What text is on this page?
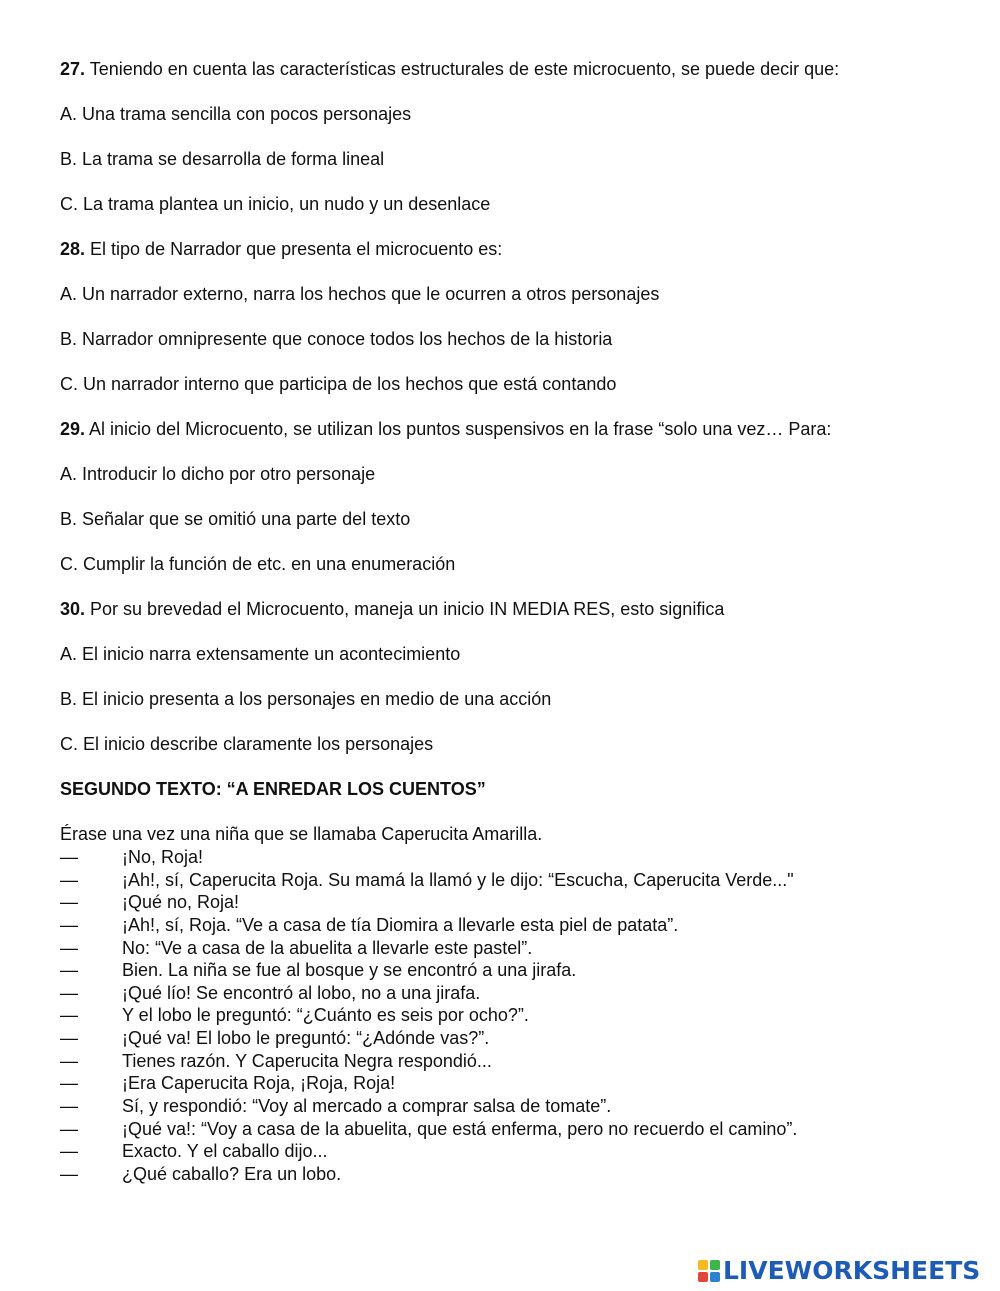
27. Teniendo en cuenta las características estructurales de este microcuento, se puede decir que:
A. Una trama sencilla con pocos personajes
B. La trama se desarrolla de forma lineal
C. La trama plantea un inicio, un nudo y un desenlace
28. El tipo de Narrador que presenta el microcuento es:
A. Un narrador externo, narra los hechos que le ocurren a otros personajes
B. Narrador omnipresente que conoce todos los hechos de la historia
C. Un narrador interno que participa de los hechos que está contando
29. Al inicio del Microcuento, se utilizan los puntos suspensivos en la frase “solo una vez… Para:
A. Introducir lo dicho por otro personaje
B. Señalar que se omitió una parte del texto
C. Cumplir la función de etc. en una enumeración
30. Por su brevedad el Microcuento, maneja un inicio IN MEDIA RES, esto significa
A. El inicio narra extensamente un acontecimiento
B. El inicio presenta a los personajes en medio de una acción
C. El inicio describe claramente los personajes
SEGUNDO TEXTO: “A ENREDAR LOS CUENTOS”
Érase una vez una niña que se llamaba Caperucita Amarilla.
— ¡No, Roja!
— ¡Ah!, sí, Caperucita Roja. Su mamá la llamó y le dijo: “Escucha, Caperucita Verde..."
— ¡Qué no, Roja!
— ¡Ah!, sí, Roja. “Ve a casa de tía Diomira a llevarle esta piel de patata”.
— No: “Ve a casa de la abuelita a llevarle este pastel”.
— Bien. La niña se fue al bosque y se encontró a una jirafa.
— ¡Qué lío! Se encontró al lobo, no a una jirafa.
— Y el lobo le preguntó: “¿Cuánto es seis por ocho?”.
— ¡Qué va! El lobo le preguntó: “¿Adónde vas?”.
— Tienes razón. Y Caperucita Negra respondió...
— ¡Era Caperucita Roja, ¡Roja, Roja!
— Sí, y respondió: “Voy al mercado a comprar salsa de tomate”.
— ¡Qué va!: “Voy a casa de la abuelita, que está enferma, pero no recuerdo el camino”.
— Exacto. Y el caballo dijo...
— ¿Qué caballo? Era un lobo.
LIVEWORKSHEETS
